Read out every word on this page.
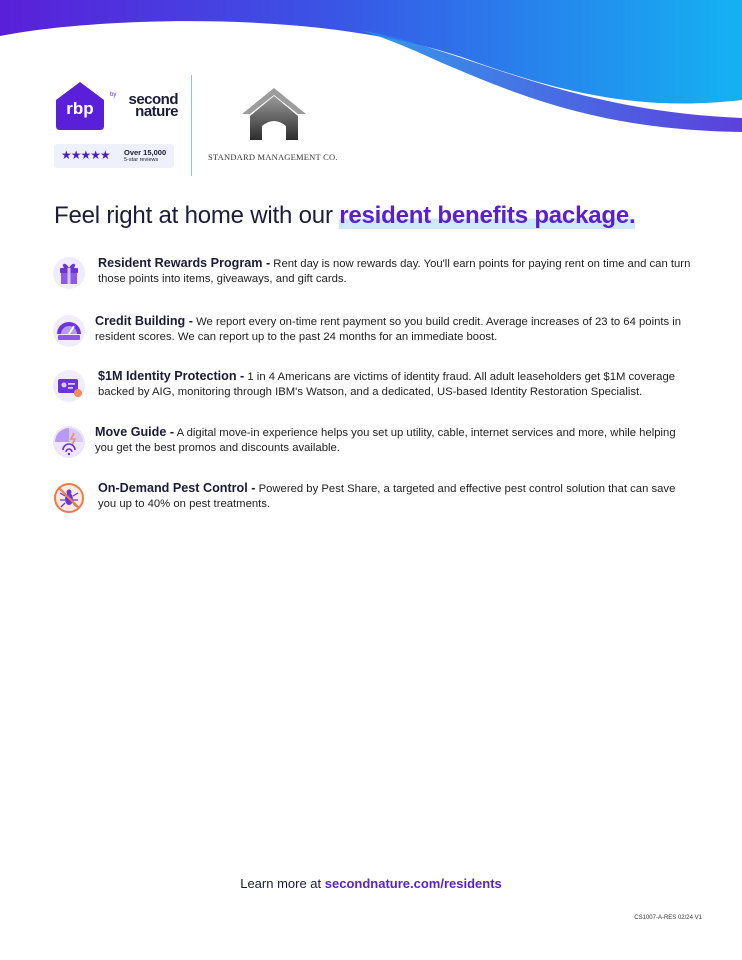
rbp
by second nature
★★★★★ Over 15,000
5-star reviews	STANDARD MANAGEMENT CO.
Feel right at home with our resident benefits package.
Resident Rewards Program - Rent day is now rewards day. You'll earn points for paying rent on time and can turn those points into items, giveaways, and gift cards.
Credit Building - We report every on-time rent payment so you build credit. Average increases of 23 to 64 points in resident scores. We can report up to the past 24 months for an immediate boost.
$1M Identity Protection - 1 in 4 Americans are victims of identity fraud. All adult leaseholders get $1M coverage backed by AIG, monitoring through IBM's Watson, and a dedicated, US-based Identity Restoration Specialist.
Move Guide - A digital move-in experience helps you set up utility, cable, internet services and more, while helping you get the best promos and discounts available.
On-Demand Pest Control - Powered by Pest Share, a targeted and effective pest control solution that can save you up to 40% on pest treatments.
Learn more at secondnature.com/residents
CS1007-A-RES 02/24 V1
